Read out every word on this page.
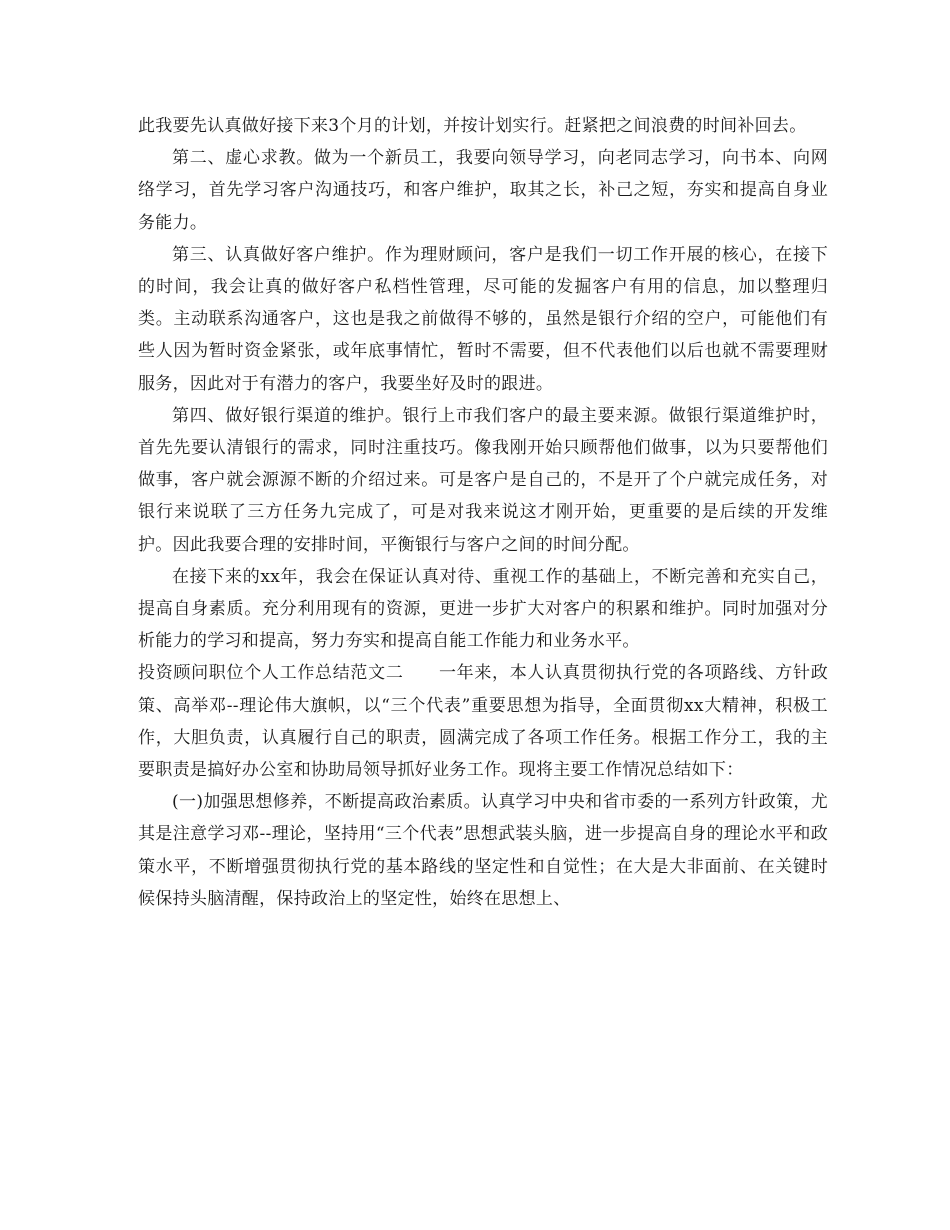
此我要先认真做好接下来3个月的计划，并按计划实行。赶紧把之间浪费的时间补回去。

第二、虚心求教。做为一个新员工，我要向领导学习，向老同志学习，向书本、向网络学习，首先学习客户沟通技巧，和客户维护，取其之长，补己之短，夯实和提高自身业务能力。

第三、认真做好客户维护。作为理财顾问，客户是我们一切工作开展的核心，在接下的时间，我会让真的做好客户私档性管理，尽可能的发掘客户有用的信息，加以整理归类。主动联系沟通客户，这也是我之前做得不够的，虽然是银行介绍的空户，可能他们有些人因为暂时资金紧张，或年底事情忙，暂时不需要，但不代表他们以后也就不需要理财服务，因此对于有潜力的客户，我要坐好及时的跟进。

第四、做好银行渠道的维护。银行上市我们客户的最主要来源。做银行渠道维护时，首先先要认清银行的需求，同时注重技巧。像我刚开始只顾帮他们做事，以为只要帮他们做事，客户就会源源不断的介绍过来。可是客户是自己的，不是开了个户就完成任务，对银行来说联了三方任务九完成了，可是对我来说这才刚开始，更重要的是后续的开发维护。因此我要合理的安排时间，平衡银行与客户之间的时间分配。

在接下来的xx年，我会在保证认真对待、重视工作的基础上，不断完善和充实自己，提高自身素质。充分利用现有的资源，更进一步扩大对客户的积累和维护。同时加强对分析能力的学习和提高，努力夯实和提高自能工作能力和业务水平。

投资顾问职位个人工作总结范文二　　一年来，本人认真贯彻执行党的各项路线、方针政策、高举邓--理论伟大旗帜，以“三个代表”重要思想为指导，全面贯彻xx大精神，积极工作，大胆负责，认真履行自己的职责，圆满完成了各项工作任务。根据工作分工，我的主要职责是搞好办公室和协助局领导抓好业务工作。现将主要工作情况总结如下：

(一)加强思想修养，不断提高政治素质。认真学习中央和省市委的一系列方针政策，尤其是注意学习邓--理论，坚持用“三个代表”思想武装头脑，进一步提高自身的理论水平和政策水平，不断增强贯彻执行党的基本路线的坚定性和自觉性；在大是大非面前、在关键时候保持头脑清醒，保持政治上的坚定性，始终在思想上、
